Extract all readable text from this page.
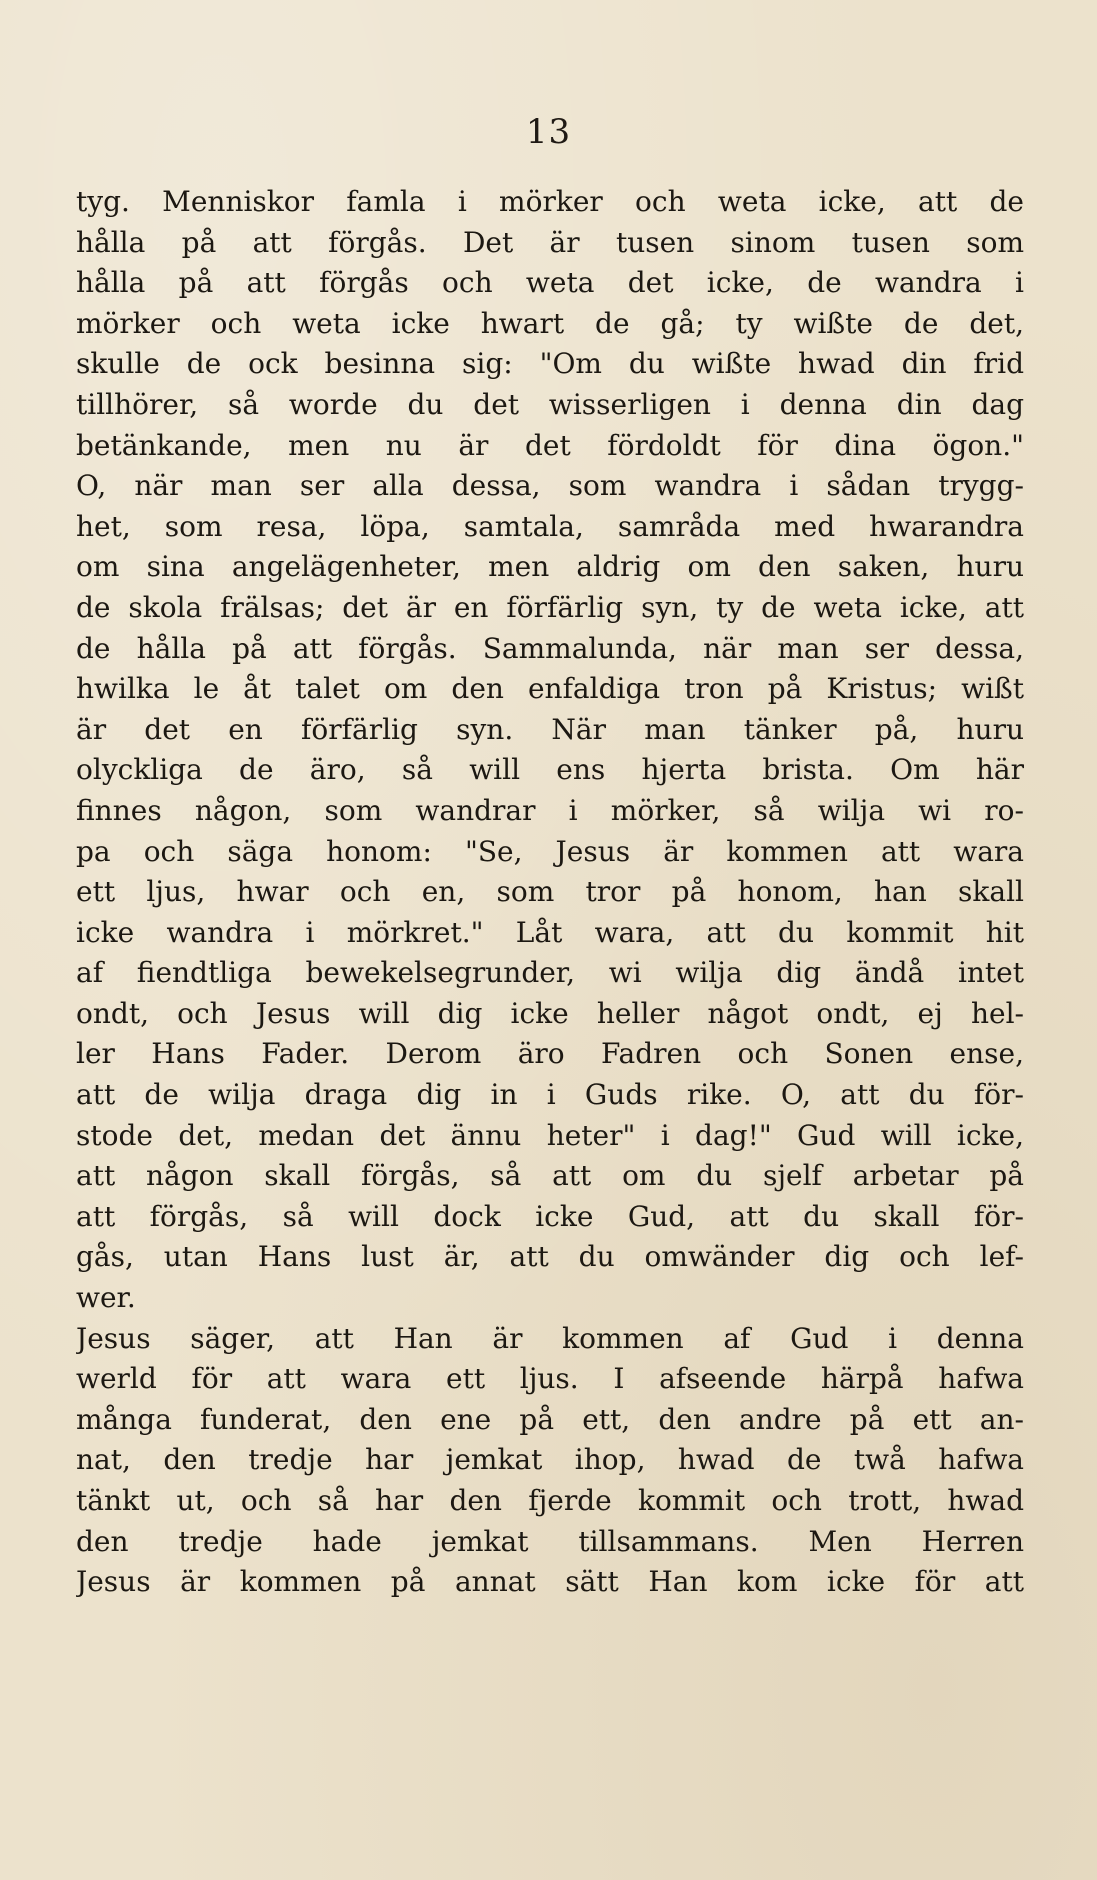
13
tyg. Menniskor famla i mörker och weta icke, att de
hålla på att förgås. Det är tusen sinom tusen som
hålla på att förgås och weta det icke, de wandra i
mörker och weta icke hwart de gå; ty wißte de det,
skulle de ock besinna sig: "Om du wißte hwad din frid
tillhörer, så worde du det wisserligen i denna din dag
betänkande, men nu är det fördoldt för dina ögon."
O, när man ser alla dessa, som wandra i sådan trygg-
het, som resa, löpa, samtala, samråda med hwarandra
om sina angelägenheter, men aldrig om den saken, huru
de skola frälsas; det är en förfärlig syn, ty de weta icke, att
de hålla på att förgås. Sammalunda, när man ser dessa,
hwilka le åt talet om den enfaldiga tron på Kristus; wißt
är det en förfärlig syn. När man tänker på, huru
olyckliga de äro, så will ens hjerta brista. Om här
finnes någon, som wandrar i mörker, så wilja wi ro-
pa och säga honom: "Se, Jesus är kommen att wara
ett ljus, hwar och en, som tror på honom, han skall
icke wandra i mörkret." Låt wara, att du kommit hit
af fiendtliga bewekelsegrunder, wi wilja dig ändå intet
ondt, och Jesus will dig icke heller något ondt, ej hel-
ler Hans Fader. Derom äro Fadren och Sonen ense,
att de wilja draga dig in i Guds rike. O, att du för-
stode det, medan det ännu heter" i dag!" Gud will icke,
att någon skall förgås, så att om du sjelf arbetar på
att förgås, så will dock icke Gud, att du skall för-
gås, utan Hans lust är, att du omwänder dig och lef-
wer.
Jesus säger, att Han är kommen af Gud i denna
werld för att wara ett ljus. I afseende härpå hafwa
många funderat, den ene på ett, den andre på ett an-
nat, den tredje har jemkat ihop, hwad de twå hafwa
tänkt ut, och så har den fjerde kommit och trott, hwad
den tredje hade jemkat tillsammans. Men Herren
Jesus är kommen på annat sätt Han kom icke för att
